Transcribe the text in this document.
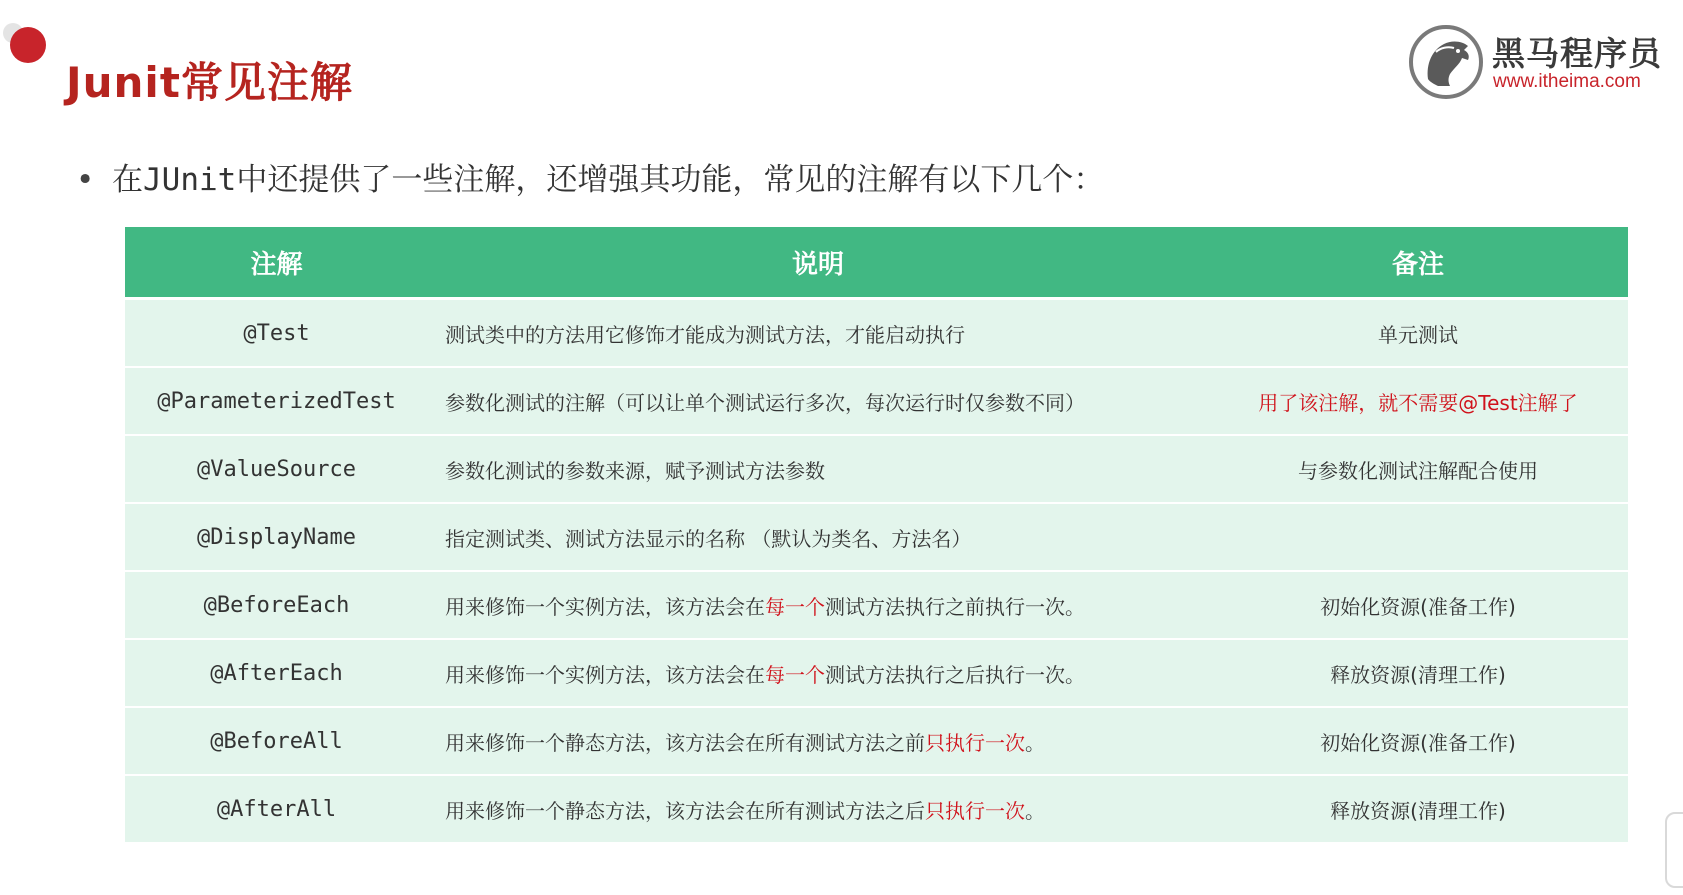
Junit常见注解
黑马程序员
www.itheima.com
• 在JUnit中还提供了一些注解，还增强其功能，常见的注解有以下几个：
注解	说明	备注
@Test	测试类中的方法用它修饰才能成为测试方法，才能启动执行	单元测试
@ParameterizedTest	参数化测试的注解（可以让单个测试运行多次，每次运行时仅参数不同）	用了该注解，就不需要@Test注解了
@ValueSource	参数化测试的参数来源，赋予测试方法参数	与参数化测试注解配合使用
@DisplayName	指定测试类、测试方法显示的名称 （默认为类名、方法名）	
@BeforeEach	用来修饰一个实例方法，该方法会在每一个测试方法执行之前执行一次。	初始化资源(准备工作)
@AfterEach	用来修饰一个实例方法，该方法会在每一个测试方法执行之后执行一次。	释放资源(清理工作)
@BeforeAll	用来修饰一个静态方法，该方法会在所有测试方法之前只执行一次。	初始化资源(准备工作)
@AfterAll	用来修饰一个静态方法，该方法会在所有测试方法之后只执行一次。	释放资源(清理工作)
